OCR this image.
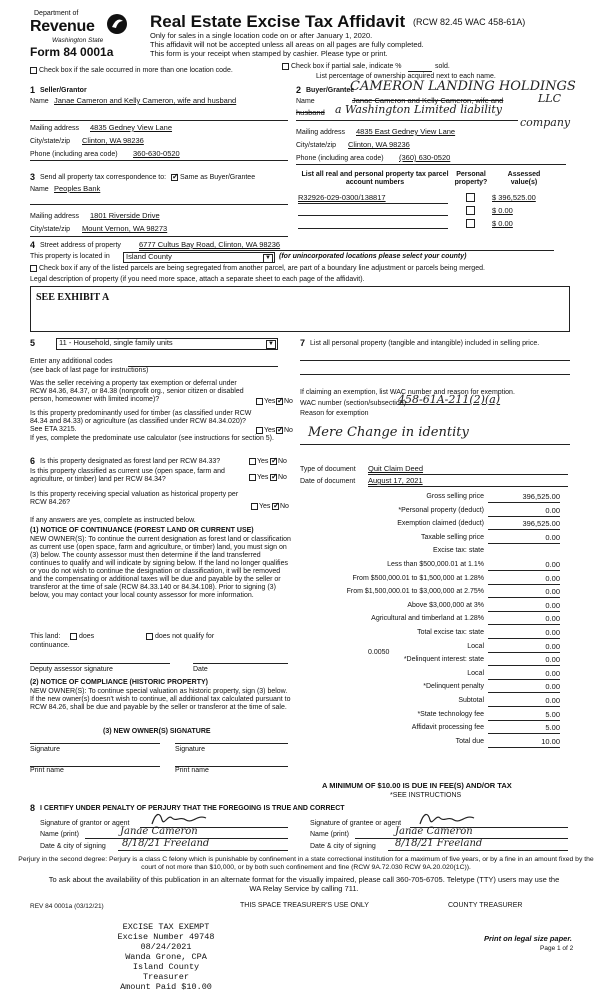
Department of
Revenue
Washington State
Form 84 0001a
Real Estate Excise Tax Affidavit (RCW 82.45 WAC 458-61A)
Only for sales in a single location code on or after January 1, 2020.
This affidavit will not be accepted unless all areas on all pages are fully completed.
This form is your receipt when stamped by cashier. Please type or print.
Check box if the sale occurred in more than one location code.
Check box if partial sale, indicate %	sold.
List percentage of ownership acquired next to each name.
1 Seller/Grantor
Name Janae Cameron and Kelly Cameron, wife and husband
Mailing address 4835 Gedney View Lane
City/state/zip Clinton, WA 98236
Phone (including area code) 360-630-0520
2 Buyer/Grantee
CAMERON LANDING HOLDINGS
Name	Janae Cameron and Kelly Cameron, wife and	LLC
husband a Washington Limited liability
company
Mailing address 4835 East Gedney View Lane
City/state/zip Clinton, WA 98236
Phone (including area code) (360) 630-0520
3 Send all property tax correspondence to: ✓ Same as Buyer/Grantee
Name Peoples Bank
Mailing address 1801 Riverside Drive
City/state/zip Mount Vernon, WA 98273
List all real and personal property tax parcel account numbers
Personal property?
Assessed value(s)
R32926-029-0300/138817	$ 396,525.00
$ 0.00
$ 0.00
4 Street address of property 6777 Cultus Bay Road, Clinton, WA 98236
This property is located in	Island County	▼ (for unincorporated locations please select your county)
Check box if any of the listed parcels are being segregated from another parcel, are part of a boundary line adjustment or parcels being merged.
Legal description of property (if you need more space, attach a separate sheet to each page of the affidavit).
SEE EXHIBIT A
5	11 - Household, single family units	▼
Enter any additional codes
(see back of last page for instructions)
Was the seller receiving a property tax exemption or deferral under RCW 84.36, 84.37, or 84.38 (nonprofit org., senior citizen or disabled person, homeowner with limited income)?	Yes ✓ No
Is this property predominantly used for timber (as classified under RCW 84.34 and 84.33) or agriculture (as classified under RCW 84.34.020)? See ETA 3215.	Yes ✓ No
If yes, complete the predominate use calculator (see instructions for section 5).
6 Is this property designated as forest land per RCW 84.33?	Yes ✓ No
Is this property classified as current use (open space, farm and agriculture, or timber) land per RCW 84.34?	Yes ✓ No
Is this property receiving special valuation as historical property per RCW 84.26?
Yes ✓ No
If any answers are yes, complete as instructed below.
(1) NOTICE OF CONTINUANCE (FOREST LAND OR CURRENT USE)
NEW OWNER(S): To continue the current designation as forest land or classification as current use (open space, farm and agriculture, or timber) land, you must sign on (3) below. The county assessor must then determine if the land transferred continues to qualify and will indicate by signing below. If the land no longer qualifies or you do not wish to continue the designation or classification, it will be removed and the compensating or additional taxes will be due and payable by the seller or transferor at the time of sale (RCW 84.33.140 or 84.34.108). Prior to signing (3) below, you may contact your local county assessor for more information.
This land:	does	does not qualify for
continuance.
Deputy assessor signature	Date
(2) NOTICE OF COMPLIANCE (HISTORIC PROPERTY)
NEW OWNER(S): To continue special valuation as historic property, sign (3) below. If the new owner(s) doesn't wish to continue, all additional tax calculated pursuant to RCW 84.26, shall be due and payable by the seller or transferor at the time of sale.
(3) NEW OWNER(S) SIGNATURE
Signature	Signature
Print name	Print name
7 List all personal property (tangible and intangible) included in selling price.
If claiming an exemption, list WAC number and reason for exemption.
WAC number (section/subsection)
458-61A-211(2)(a)
Reason for exemption
Mere Change in identity
Type of document Quit Claim Deed
Date of document August 17, 2021
Gross selling price	396,525.00
*Personal property (deduct)	0.00
Exemption claimed (deduct)	396,525.00
Taxable selling price	0.00
Excise tax: state
Less than $500,000.01 at 1.1%	0.00
From $500,000.01 to $1,500,000 at 1.28%	0.00
From $1,500,000.01 to $3,000,000 at 2.75%	0.00
Above $3,000,000 at 3%	0.00
Agricultural and timberland at 1.28%	0.00
Total excise tax: state	0.00
Local	0.00
*Delinquent interest: state	0.00
Local	0.00
*Delinquent penalty	0.00
Subtotal	0.00
*State technology fee	5.00
Affidavit processing fee	5.00
Total due	10.00
0.0050
A MINIMUM OF $10.00 IS DUE IN FEE(S) AND/OR TAX
*SEE INSTRUCTIONS
8 I CERTIFY UNDER PENALTY OF PERJURY THAT THE FOREGOING IS TRUE AND CORRECT
Signature of grantor or agent
Name (print)	Janae Cameron
Date & city of signing 8/18/21 Freeland
Signature of grantee or agent
Name (print)	Janae Cameron
Date & city of signing 8/18/21 Freeland
Perjury in the second degree: Perjury is a class C felony which is punishable by confinement in a state correctional institution for a maximum of five years, or by a fine in an amount fixed by the court of not more than $10,000, or by both such confinement and fine (RCW 9A.72.030 RCW 9A.20.020(1C)).
To ask about the availability of this publication in an alternate format for the visually impaired, please call 360-705-6705. Teletype (TTY) users may use the WA Relay Service by calling 711.
REV 84 0001a (03/12/21)	THIS SPACE TREASURER'S USE ONLY	COUNTY TREASURER
EXCISE TAX EXEMPT
Excise Number 49748
08/24/2021
Wanda Grone, CPA
Island County Treasurer
Amount Paid $10.00
Print on legal size paper.
Page 1 of 2
